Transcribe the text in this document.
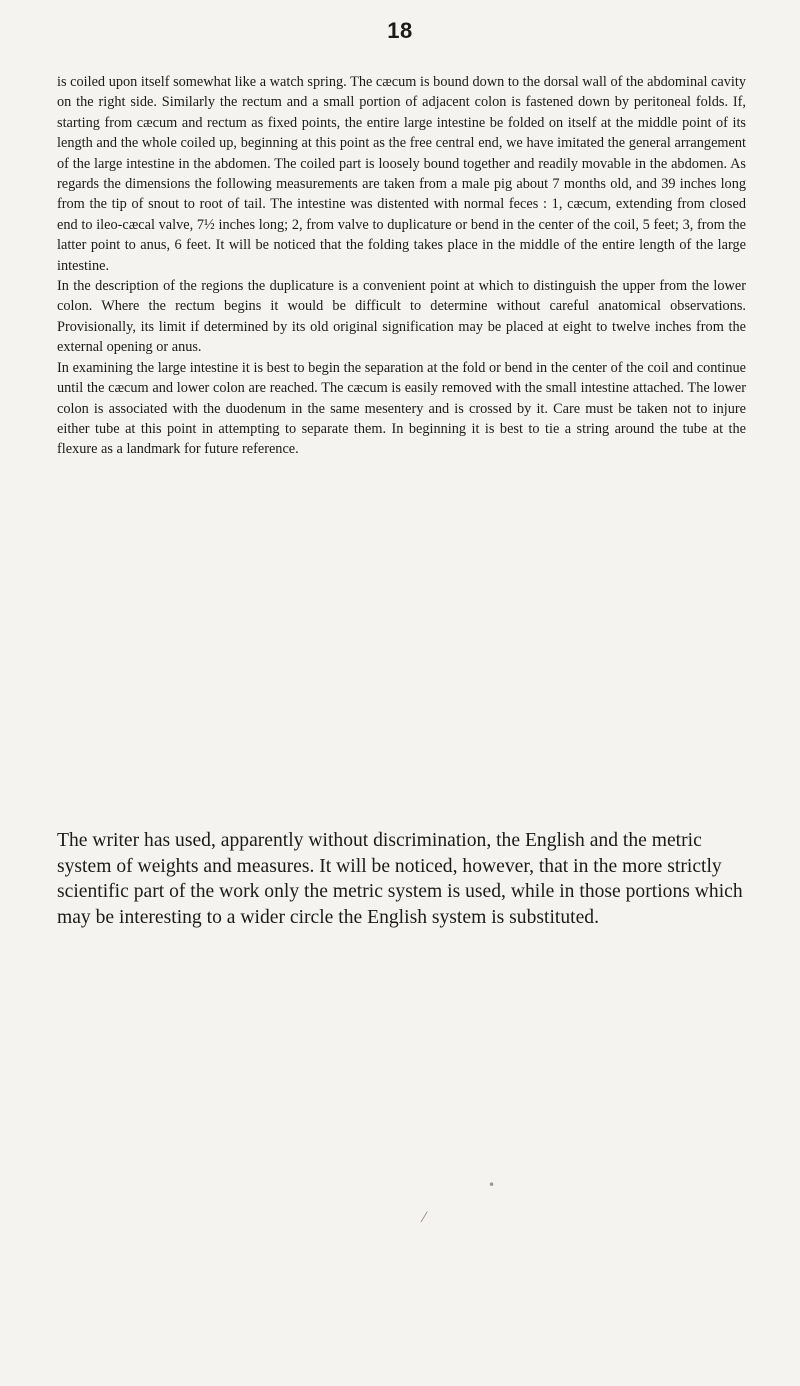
18

is coiled upon itself somewhat like a watch spring. The cæcum is bound down to the dorsal wall of the abdominal cavity on the right side. Similarly the rectum and a small portion of adjacent colon is fastened down by peritoneal folds. If, starting from cæcum and rectum as fixed points, the entire large intestine be folded on itself at the middle point of its length and the whole coiled up, beginning at this point as the free central end, we have imitated the general arrangement of the large intestine in the abdomen. The coiled part is loosely bound together and readily movable in the abdomen. As regards the dimensions the following measurements are taken from a male pig about 7 months old, and 39 inches long from the tip of snout to root of tail. The intestine was distented with normal feces : 1, cæcum, extending from closed end to ileo-cæcal valve, 7½ inches long; 2, from valve to duplicature or bend in the center of the coil, 5 feet; 3, from the latter point to anus, 6 feet. It will be noticed that the folding takes place in the middle of the entire length of the large intestine.

In the description of the regions the duplicature is a convenient point at which to distinguish the upper from the lower colon. Where the rectum begins it would be difficult to determine without careful anatomical observations. Provisionally, its limit if determined by its old original signification may be placed at eight to twelve inches from the external opening or anus.

In examining the large intestine it is best to begin the separation at the fold or bend in the center of the coil and continue until the cæcum and lower colon are reached. The cæcum is easily removed with the small intestine attached. The lower colon is associated with the duodenum in the same mesentery and is crossed by it. Care must be taken not to injure either tube at this point in attempting to separate them. In beginning it is best to tie a string around the tube at the flexure as a landmark for future reference.

The writer has used, apparently without discrimination, the English and the metric system of weights and measures. It will be noticed, however, that in the more strictly scientific part of the work only the metric system is used, while in those portions which may be interesting to a wider circle the English system is substituted.

•
⁄
